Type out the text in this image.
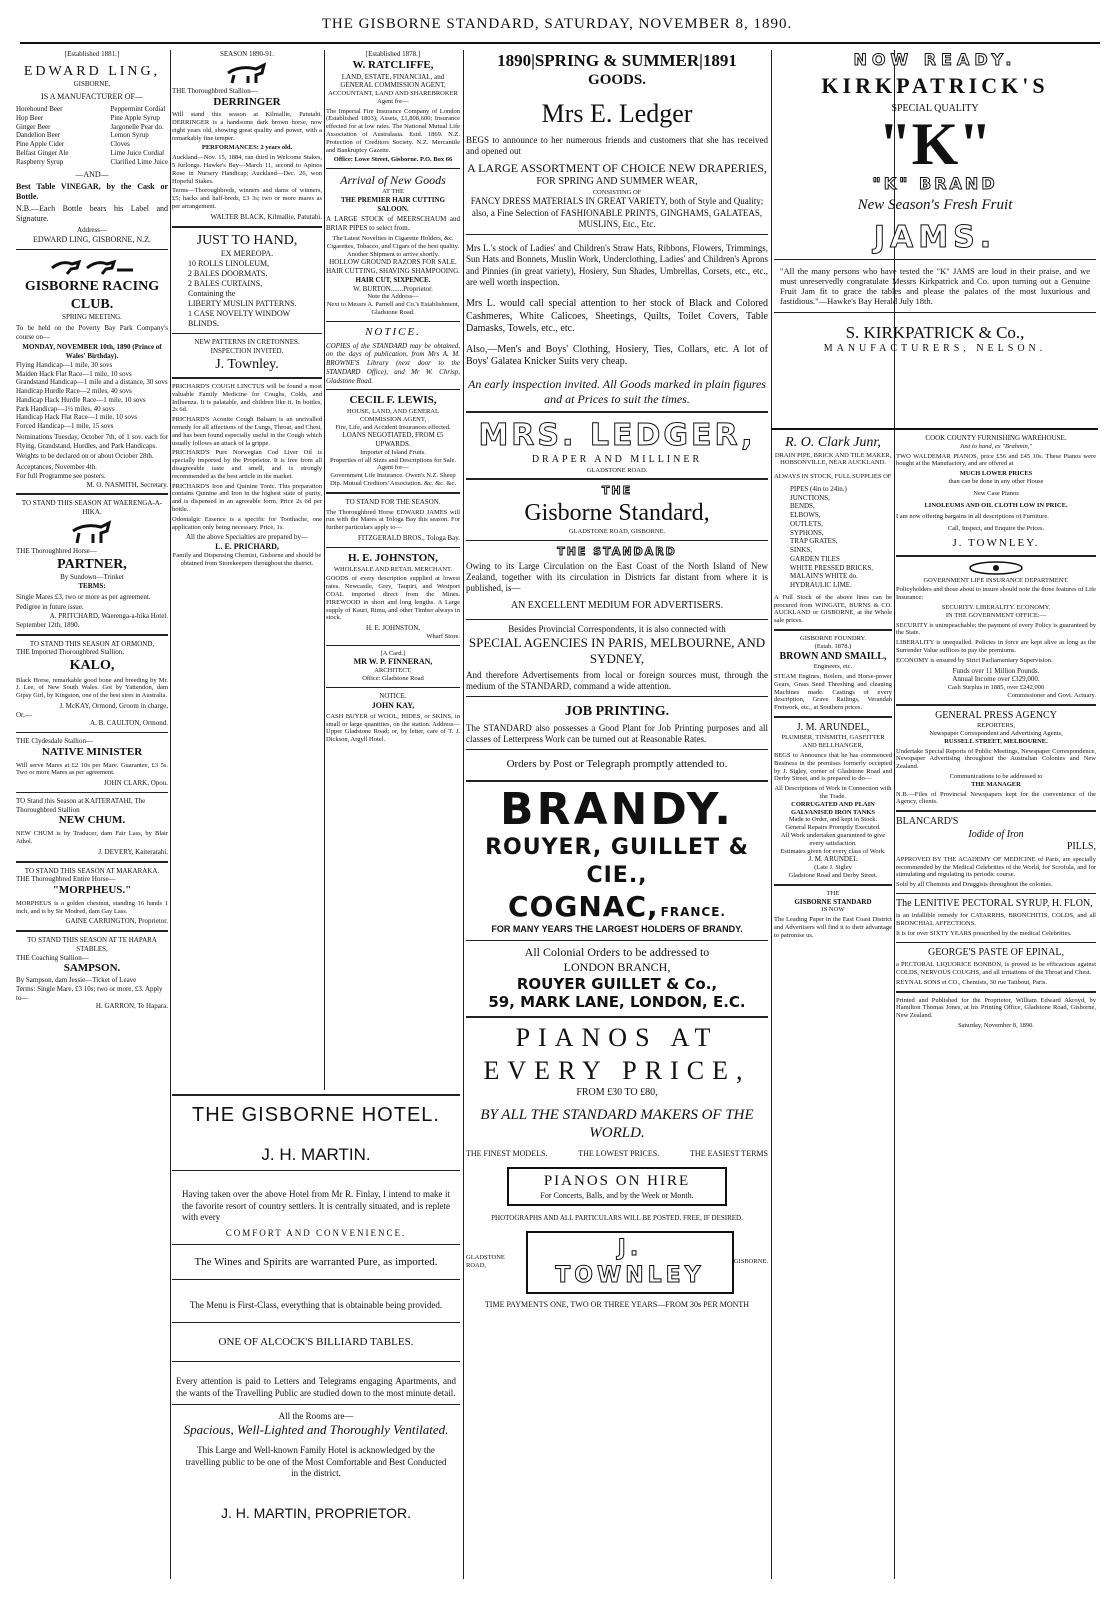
THE GISBORNE STANDARD, SATURDAY, NOVEMBER 8, 1890.
[Established 1881.]
EDWARD LING,
GISBORNE,
IS A MANUFACTURER OF—
Horehound Beer
Hop Beer
Ginger Beer
Dandelion Beer
Pine Apple Cider
Belfast Ginger Ale
Raspberry Syrup
Peppermint Cordial
Pine Apple Syrup
Jargonelle Pear do.
Lemon Syrup
Cloves
Lime Juice Cordial
Clarified Lime Juice
—AND—
Best Table VINEGAR, by the Cask or Bottle.
N.B.—Each Bottle bears his Label and Signature.
Address—
EDWARD LING, GISBORNE, N.Z.
GISBORNE RACING CLUB.
SPRING MEETING.
To be held on the Poverty Bay Park Company's course on—
MONDAY, NOVEMBER 10th, 1890 (Prince of Wales' Birthday).
Flying Handicap—1 mile, 30 sovs
Maiden Hack Flat Race—1 mile, 10 sovs
Grandstand Handicap—1 mile and a distance, 30 sovs
Handicap Hurdle Race—2 miles, 40 sovs
Handicap Hack Hurdle Race—1 mile, 10 sovs
Park Handicap—1½ miles, 40 sovs
Handicap Hack Flat Race—1 mile, 10 sovs
Forced Handicap—1 mile, 15 sovs
Nominations Tuesday, October 7th, of 1 sov. each for Flying, Grandstand, Hurdles, and Park Handicaps.
Weights to be declared on or about October 28th.
Acceptances, November 4th.
For full Programme see posters.
M. O. NASMITH, Secretary.
TO STAND THIS SEASON AT WAERENGA-A-HIKA.
THE Thoroughbred Horse—
PARTNER,
By Sundown—Trinket
TERMS:
Single Mares £3, two or more as per agreement.
Pedigree in future issue.
A. PRITCHARD, Waerenga-a-hika Hotel.
September 12th, 1890.
TO STAND THIS SEASON AT ORMOND,
THE Imported Thoroughbred Stallion,
KALO,
Black Horse, remarkable good bone and breeding by Mr. J. Lee, of New South Wales. Got by Yattendon, dam Gipsy Girl, by Kingston, one of the best sires in Australia.
J. McKAY, Ormond, Groom in charge,
Or,—
A. B. CAULTON, Ormond.
THE Clydesdale Stallion—
NATIVE MINISTER
Will serve Mares at £2 10s per Mare. Guarantee, £3 5s. Two or more Mares as per agreement.
JOHN CLARK, Opou.
TO Stand this Season at KAITERATAHI, The Thoroughbred Stallion
NEW CHUM.
NEW CHUM is by Traducer, dam Fair Lass, by Blair Athol.
J. DEVERY, Kaiteratahi.
TO STAND THIS SEASON AT MAKARAKA.
THE Thoroughbred Entire Horse—
"MORPHEUS."
MORPHEUS is a golden chestnut, standing 16 hands 1 inch, and is by Sir Modred, dam Gay Lass.
GAINE CARRINGTON, Proprietor.
TO STAND THIS SEASON AT TE HAPARA STABLES,
THE Coaching Stallion—
SAMPSON.
By Sampson, dam Jessie—Ticket of Leave
Terms: Single Mare, £3 10s; two or more, £3. Apply to—
H. GARRON, Te Hapara.
SEASON 1890-91.
THE Thoroughbred Stallion—
DERRINGER
Will stand this season at Kilmallie, Patutahi. DERRINGER is a handsome dark brown horse, now eight years old, showing great quality and power, with a remarkably fine temper.
PERFORMANCES: 2 years old.
Auckland—Nov. 15, 1884, ran third in Welcome Stakes, 5 furlongs. Hawke's Bay—March 11, second to Apinos Rose in Nursery Handicap; Auckland—Dec. 26, won Hopeful Stakes.
Terms—Thoroughbreds, winners and dams of winners, £5; hacks and half-breds, £3 3s; two or more mares as per arrangement.
WALTER BLACK, Kilmallie, Patutahi.
JUST TO HAND,
EX MEREOPA.
10 ROLLS LINOLEUM,
2 BALES DOORMATS.
2 BALES CURTAINS,
Containing the
LIBERTY MUSLIN PATTERNS.
1 CASE NOVELTY WINDOW BLINDS.
NEW PATTERNS IN CRETONNES.
INSPECTION INVITED.
J. Townley.
PRICHARD'S COUGH LINCTUS will be found a most valuable Family Medicine for Coughs, Colds, and Influenza. It is palatable, and children like it. In bottles, 2s 6d.
PRICHARD'S Aconite Cough Balsam is an unrivalled remedy for all affections of the Lungs, Throat, and Chest, and has been found especially useful in the Cough which usually follows an attack of la grippe.
PRICHARD'S Pure Norwegian Cod Liver Oil is specially imported by the Proprietor. It is free from all disagreeable taste and smell, and is strongly recommended as the best article in the market.
PRICHARD'S Iron and Quinine Tonic. This preparation contains Quinine and Iron in the highest state of purity, and is dispensed in an agreeable form. Price 2s 6d per bottle.
Odontalgic Essence is a specific for Toothache, one application only being necessary. Price, 1s.
All the above Specialties are prepared by—
L. E. PRICHARD,
Family and Dispensing Chemist, Gisborne and should be obtained from Storekeepers throughout the district.
[Established 1878.]
W. RATCLIFFE,
LAND, ESTATE, FINANCIAL, and GENERAL COMMISSION AGENT,
ACCOUNTANT, LAND AND SHAREBROKER
Agent for—
The Imperial Fire Insurance Company of London (Established 1803); Assets, £1,808,600; Insurance effected for at low rates. The National Mutual Life Association of Australasia. Estd. 1869. N.Z. Protection of Creditors Society. N.Z. Mercantile and Bankruptcy Gazette.
Office: Lowe Street, Gisborne. P.O. Box 66
Arrival of New Goods
AT THE
THE PREMIER HAIR CUTTING SALOON.
A LARGE STOCK of MEERSCHAUM and BRIAR PIPES to select from.
The Latest Novelties in Cigarette Holders, &c.
Cigarettes, Tobacco, and Cigars of the best quality.
Another Shipment to arrive shortly.
HOLLOW GROUND RAZORS FOR SALE.
HAIR CUTTING, SHAVING SHAMPOOING.
HAIR CUT, SIXPENCE.
W. BURTON.......Proprietor.
Note the Address—
Next to Messrs A. Parnell and Co.'s Establishment, Gladstone Road.
NOTICE.
COPIES of the STANDARD may be obtained, on the days of publication, from Mrs A. M. BROWNE'S Library (next door to the STANDARD Office), and Mr W. Chrisp, Gladstone Road.
CECIL F. LEWIS,
HOUSE, LAND, AND GENERAL COMMISSION AGENT,
Fire, Life, and Accident Insurances effected.
LOANS NEGOTIATED, FROM £5 UPWARDS.
Importer of Island Fruits.
Properties of all Sizes and Descriptions for Sale.
Agent for—
Government Life Insurance. Owen's N.Z. Sheep Dip. Mutual Creditors' Association. &c. &c. &c.
TO STAND FOR THE SEASON.
The Thoroughbred Horse EDWARD JAMES will run with the Mares at Tologa Bay this season. For further particulars apply to—
FITZGERALD BROS., Tologa Bay.
H. E. JOHNSTON,
WHOLESALE AND RETAIL MERCHANT.
GOODS of every description supplied at lowest rates. Newcastle, Grey, Taupiri, and Westport COAL imported direct from the Mines. FIREWOOD in short and long lengths. A Large supply of Kauri, Rimu, and other Timber always in stock.
H. E. JOHNSTON,
Wharf Store.
[A Card.]
MR W. P. FINNERAN,
ARCHITECT,
Office: Gladstone Road
NOTICE.
JOHN KAY,
CASH BUYER of WOOL, HIDES, or SKINS, in small or large quantities, on the station. Address—Upper Gladstone Road; or, by letter, care of T. J. Dickson, Argyll Hotel.
THE GISBORNE HOTEL.
J. H. MARTIN.
Having taken over the above Hotel from Mr R. Finlay, I intend to make it the favorite resort of country settlers. It is centrally situated, and is replete with every
COMFORT AND CONVENIENCE.
The Wines and Spirits are warranted Pure, as imported.
The Menu is First-Class, everything that is obtainable being provided.
ONE OF ALCOCK'S BILLIARD TABLES.
Every attention is paid to Letters and Telegrams engaging Apartments, and the wants of the Travelling Public are studied down to the most minute detail.
All the Rooms are—
Spacious, Well-Lighted and Thoroughly Ventilated.
This Large and Well-known Family Hotel is acknowledged by the travelling public to be one of the Most Comfortable and Best Conducted in the district.
J. H. MARTIN, PROPRIETOR.
1890|SPRING & SUMMER|1891
GOODS.
Mrs E. Ledger
BEGS to announce to her numerous friends and customers that she has received and opened out
A LARGE ASSORTMENT OF CHOICE NEW DRAPERIES,
FOR SPRING AND SUMMER WEAR,
CONSISTING OF
FANCY DRESS MATERIALS IN GREAT VARIETY, both of Style and Quality; also, a Fine Selection of FASHIONABLE PRINTS, GINGHAMS, GALATEAS, MUSLINS, Etc., Etc.
Mrs L.'s stock of Ladies' and Children's Straw Hats, Ribbons, Flowers, Trimmings, Sun Hats and Bonnets, Muslin Work, Underclothing, Ladies' and Children's Aprons and Pinnies (in great variety), Hosiery, Sun Shades, Umbrellas, Corsets, etc., etc., are well worth inspection.
Mrs L. would call special attention to her stock of Black and Colored Cashmeres, White Calicoes, Sheetings, Quilts, Toilet Covers, Table Damasks, Towels, etc., etc.
Also,—Men's and Boys' Clothing, Hosiery, Ties, Collars, etc. A lot of Boys' Galatea Knicker Suits very cheap.
An early inspection invited. All Goods marked in plain figures and at Prices to suit the times.
MRS. LEDGER,
DRAPER AND MILLINER
GLADSTONE ROAD.
THE
Gisborne Standard,
GLADSTONE ROAD, GISBORNE.
THE STANDARD
Owing to its Large Circulation on the East Coast of the North Island of New Zealand, together with its circulation in Districts far distant from where it is published, is—
AN EXCELLENT MEDIUM FOR ADVERTISERS.
Besides Provincial Correspondents, it is also connected with
SPECIAL AGENCIES IN PARIS, MELBOURNE, AND SYDNEY,
And therefore Advertisements from local or foreign sources must, through the medium of the STANDARD, command a wide attention.
JOB PRINTING.
The STANDARD also possesses a Good Plant for Job Printing purposes and all classes of Letterpress Work can be turned out at Reasonable Rates.
Orders by Post or Telegraph promptly attended to.
BRANDY.
ROUYER, GUILLET & CIE.,
COGNAC, FRANCE.
FOR MANY YEARS THE LARGEST HOLDERS OF BRANDY.
All Colonial Orders to be addressed to
LONDON BRANCH,
ROUYER GUILLET & Co.,
59, MARK LANE, LONDON, E.C.
PIANOS AT EVERY PRICE,
FROM £30 TO £80,
BY ALL THE STANDARD MAKERS OF THE WORLD.
THE FINEST MODELS.	THE LOWEST PRICES.	THE EASIEST TERMS
PIANOS ON HIRE
For Concerts, Balls, and by the Week or Month.
PHOTOGRAPHS AND ALL PARTICULARS WILL BE POSTED, FREE, IF DESIRED.
GLADSTONE ROAD,
J. TOWNLEY
GISBORNE.
TIME PAYMENTS ONE, TWO OR THREE YEARS—FROM 30s PER MONTH
NOW READY.
KIRKPATRICK'S
SPECIAL QUALITY
"K"
"K" BRAND
New Season's Fresh Fruit
JAMS.
"All the many persons who have tested the "K" JAMS are loud in their praise, and we must unreservedly congratulate Messrs Kirkpatrick and Co. upon turning out a Genuine Fruit Jam fit to grace the tables and please the palates of the most luxurious and fastidious."—Hawke's Bay Herald July 18th.
S. KIRKPATRICK & Co.,
MANUFACTURERS, NELSON.
R. O. Clark Junr,
DRAIN PIPE, BRICK AND TILE MAKER,
HOBSONVILLE, NEAR AUCKLAND.
ALWAYS IN STOCK, FULL SUPPLIES OF
PIPES (4in to 24in.)
JUNCTIONS,
BENDS,
ELBOWS,
OUTLETS,
SYPHONS,
TRAP GRATES,
SINKS,
GARDEN TILES
WHITE PRESSED BRICKS,
MALAIN'S WHITE do.
HYDRAULIC LIME.
A Full Stock of the above lines can be procured from WINGATE, BURNS & CO. AUCKLAND or GISBORNE, at the Whole sale prices.
GISBORNE FOUNDRY.
(Estab. 1878.)
BROWN AND SMAILL,
Engineers, etc.
STEAM Engines, Boilers, and Horse-power Gears, Grass Seed Threshing and cleaning Machines made. Castings of every description, Grave Railings, Verandah Fretwork, etc., at Southern prices.
J. M. ARUNDEL,
PLUMBER, TINSMITH, GASFITTER AND BELLHANGER,
BEGS to Announce that he has commenced Business in the premises formerly occupied by J. Sigley, corner of Gladstone Road and Derby Street, and is prepared to do—
All Descriptions of Work in Connection with the Trade.
CORRUGATED AND PLAIN GALVANISED IRON TANKS
Made to Order, and kept in Stock.
General Repairs Promptly Executed.
All Work undertaken guaranteed to give every satisfaction.
Estimates given for every class of Work.
J. M. ARUNDEL
(Late J. Sigley
Gladstone Road and Derby Street.
THE
GISBORNE STANDARD
IS NOW
The Leading Paper in the East Coast District and Advertisers will find it to their advantage to patronise us.
COOK COUNTY FURNISHING WAREHOUSE.
Just to hand, ex "Brahmin,"
TWO WALDEMAR PIANOS, price £56 and £45 10s. These Pianos were bought at the Manufactory, and are offered at
MUCH LOWER PRICES
than can be done in any other House
New Case Pianos
LINOLEUMS AND OIL CLOTH LOW IN PRICE.
I am now offering bargains in all descriptions of Furniture.
Call, Inspect, and Enquire the Prices.
J. TOWNLEY.
GOVERNMENT LIFE INSURANCE DEPARTMENT.
Policyholders and those about to insure should note the three features of Life Insurance:
SECURITY. LIBERALITY. ECONOMY.
IN THE GOVERNMENT OFFICE:—
SECURITY is unimpeachable; the payment of every Policy is guaranteed by the State.
LIBERALITY is unequalled. Policies in force are kept alive as long as the Surrender Value suffices to pay the premiums.
ECONOMY is ensured by Strict Parliamentary Supervision.
Funds over 11 Million Pounds.
Annual Income over £329,000.
Cash Surplus in 1885, over £242,000
Commissioner and Govt. Actuary.
GENERAL PRESS AGENCY
REPORTERS,
Newspaper Correspondent and Advertising Agents,
RUSSELL STREET, MELBOURNE.
Undertake Special Reports of Public Meetings, Newspaper Correspondence, Newspaper Advertising throughout the Australian Colonies and New Zealand.
Communications to be addressed to
THE MANAGER
N.B.—Files of Provincial Newspapers kept for the convenience of the Agency, clients.
BLANCARD'S
Iodide of Iron
PILLS,
APPROVED BY THE ACADEMY OF MEDICINE of Paris, are specially recommended by the Medical Celebrities of the World, for Scrofula, and for stimulating and regulating its periodic course.
Sold by all Chemists and Druggists throughout the colonies.
The LENITIVE PECTORAL SYRUP, H. FLON,
is an infallible remedy for CATARRHS, BRONCHITIS, COLDS, and all BRONCHIAL AFFECTIONS.
It is for over SIXTY YEARS prescribed by the medical Celebrities.
GEORGE'S PASTE OF EPINAL,
a PECTORAL LIQUORICE BONBON, is proved to be efficacious against COLDS, NERVOUS COUGHS, and all irritations of the Throat and Chest.
REYNAL SONS et CO., Chemists, 30 rue Taitbout, Paris.
Printed and Published for the Proprietor, William Edward Akroyd, by Hamilton Thomas Jones, at his Printing Office, Gladstone Road, Gisborne, New Zealand.
Saturday, November 8, 1890.
